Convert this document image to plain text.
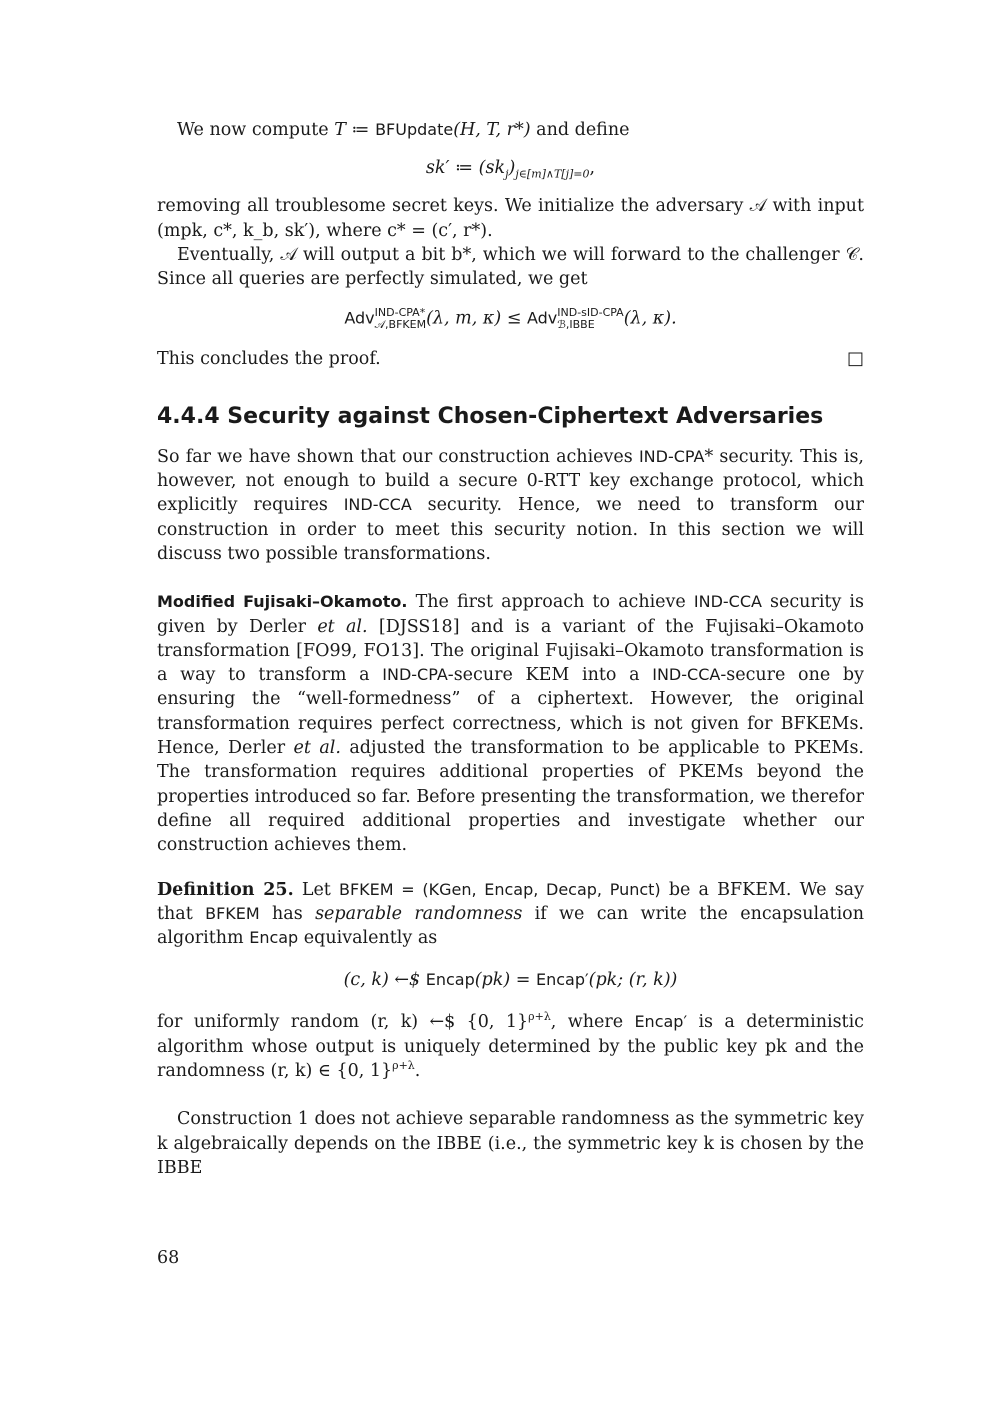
We now compute T ≔ BFUpdate(H, T, r*) and define

sk′ ≔ $(sk_j)_{j\in[m]\wedge T[j]=0}$,

removing all troublesome secret keys. We initialize the adversary 𝒜 with input (mpk, c*, k_b, sk′), where c* = (c′, r*).

Eventually, 𝒜 will output a bit b*, which we will forward to the challenger 𝒞. Since all queries are perfectly simulated, we get

Adv IND-CPA*
𝒜,BFKEM (λ, m, κ) ≤ Adv IND-sID-CPA
ℬ,IBBE	(λ, κ).

This concludes the proof.	□

4.4.4 Security against Chosen-Ciphertext Adversaries

So far we have shown that our construction achieves IND-CPA* security. This is, however, not enough to build a secure 0-RTT key exchange protocol, which explicitly requires IND-CCA security. Hence, we need to transform our construction in order to meet this security notion. In this section we will discuss two possible transformations.

Modified Fujisaki–Okamoto. The first approach to achieve IND-CCA security is given by Derler et al. [DJSS18] and is a variant of the Fujisaki–Okamoto transformation [FO99, FO13]. The original Fujisaki–Okamoto transformation is a way to transform a IND-CPA-secure KEM into a IND-CCA-secure one by ensuring the “well-formedness” of a ciphertext. However, the original transformation requires perfect correctness, which is not given for BFKEMs. Hence, Derler et al. adjusted the transformation to be applicable to PKEMs. The transformation requires additional properties of PKEMs beyond the properties introduced so far. Before presenting the transformation, we therefor define all required additional properties and investigate whether our construction achieves them.

Definition 25. Let BFKEM = (KGen, Encap, Decap, Punct) be a BFKEM. We say that BFKEM has separable randomness if we can write the encapsulation algorithm Encap equivalently as

(c, k) ←$ Encap(pk) = Encap′(pk; (r, k))

for uniformly random (r, k) ←$ {0, 1}$^{\rho+\lambda}$, where Encap′ is a deterministic algorithm whose output is uniquely determined by the public key pk and the randomness (r, k) ∈ {0, 1}$^{\rho+\lambda}$.

Construction 1 does not achieve separable randomness as the symmetric key k algebraically depends on the IBBE (i.e., the symmetric key k is chosen by the IBBE

68
